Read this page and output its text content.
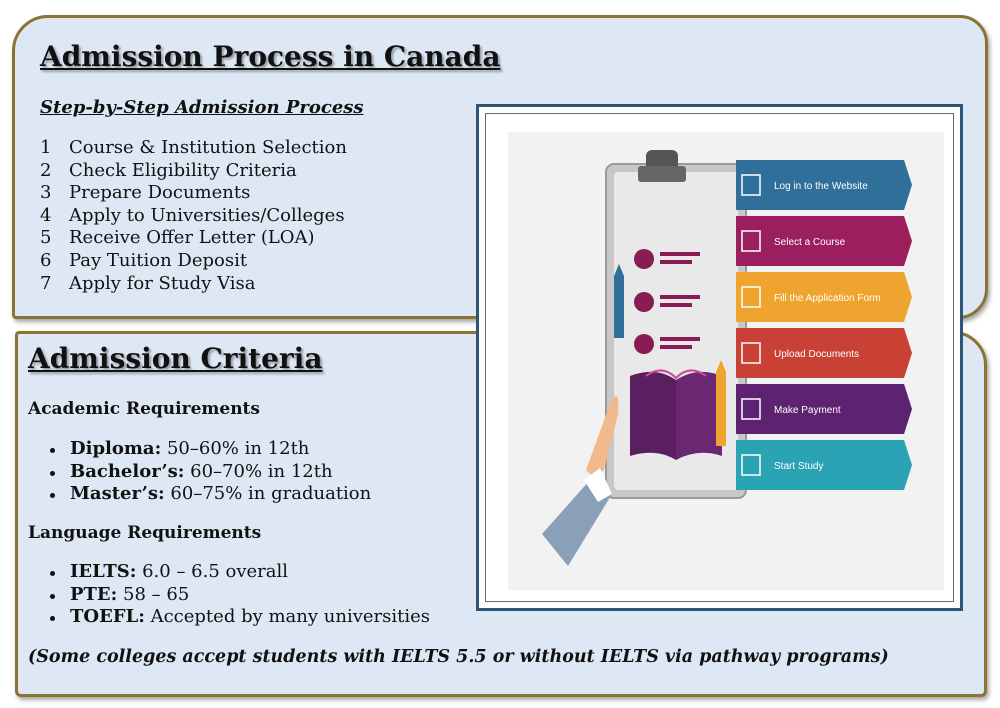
Admission Process in Canada
Step-by-Step Admission Process
1 Course & Institution Selection
2 Check Eligibility Criteria
3 Prepare Documents
4 Apply to Universities/Colleges
5 Receive Offer Letter (LOA)
6 Pay Tuition Deposit
7 Apply for Study Visa
Admission Criteria
Academic Requirements
Diploma: 50–60% in 12th
Bachelor’s: 60–70% in 12th
Master’s: 60–75% in graduation
Language Requirements
IELTS: 6.0 – 6.5 overall
PTE: 58 – 65
TOEFL: Accepted by many universities
(Some colleges accept students with IELTS 5.5 or without IELTS via pathway programs)
Log in to the Website
Select a Course
Fill the Application Form
Upload Documents
Make Payment
Start Study
